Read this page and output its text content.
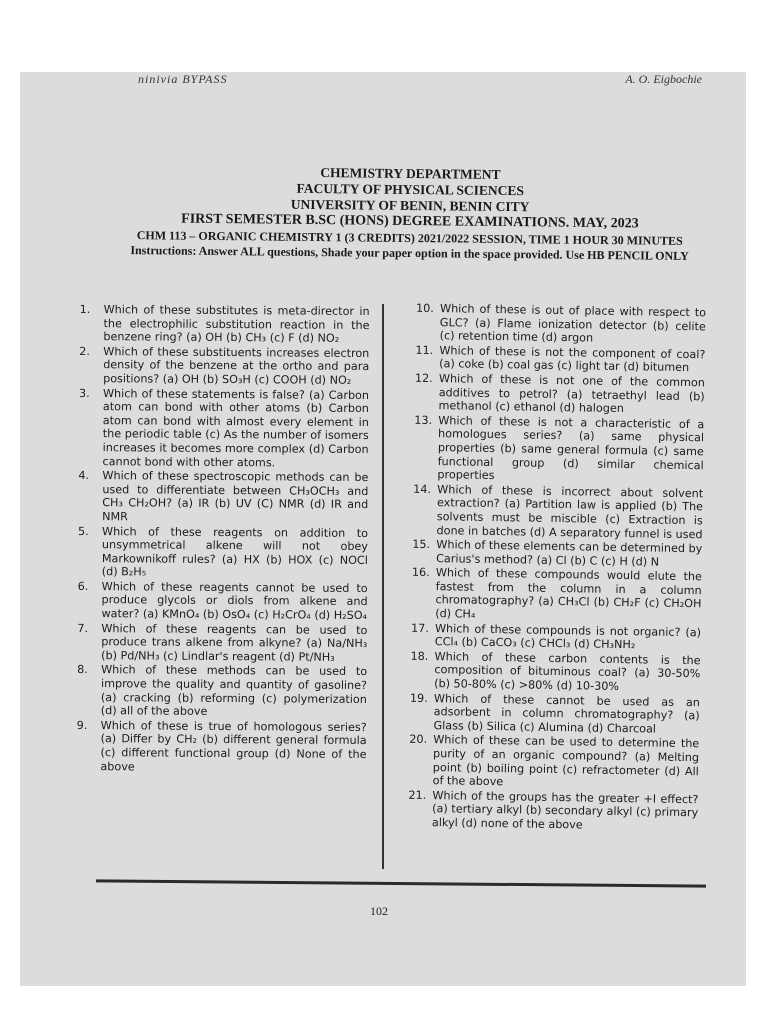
ninivia BYPASS	A. O. Eigbochie
CHEMISTRY DEPARTMENT
FACULTY OF PHYSICAL SCIENCES
UNIVERSITY OF BENIN, BENIN CITY
FIRST SEMESTER B.SC (HONS) DEGREE EXAMINATIONS. MAY, 2023
CHM 113 – ORGANIC CHEMISTRY 1 (3 CREDITS) 2021/2022 SESSION, TIME 1 HOUR 30 MINUTES
Instructions: Answer ALL questions, Shade your paper option in the space provided. Use HB PENCIL ONLY
1.	Which of these substitutes is meta-director in the electrophilic substitution reaction in the benzene ring? (a) OH (b) CH₃ (c) F (d) NO₂
2.	Which of these substituents increases electron density of the benzene at the ortho and para positions? (a) OH (b) SO₃H (c) COOH (d) NO₂
3.	Which of these statements is false? (a) Carbon atom can bond with other atoms (b) Carbon atom can bond with almost every element in the periodic table (c) As the number of isomers increases it becomes more complex (d) Carbon cannot bond with other atoms.
4.	Which of these spectroscopic methods can be used to differentiate between CH₃OCH₃ and CH₃ CH₂OH? (a) IR (b) UV (C) NMR (d) IR and NMR
5.	Which of these reagents on addition to unsymmetrical alkene will not obey Markownikoff rules? (a) HX (b) HOX (c) NOCl (d) B₂H₅
6.	Which of these reagents cannot be used to produce glycols or diols from alkene and water? (a) KMnO₄ (b) OsO₄ (c) H₂CrO₄ (d) H₂SO₄
7.	Which of these reagents can be used to produce trans alkene from alkyne? (a) Na/NH₃ (b) Pd/NH₃ (c) Lindlar's reagent (d) Pt/NH₃
8.	Which of these methods can be used to improve the quality and quantity of gasoline? (a) cracking (b) reforming (c) polymerization (d) all of the above
9.	Which of these is true of homologous series? (a) Differ by CH₂ (b) different general formula (c) different functional group (d) None of the above
10. Which of these is out of place with respect to GLC? (a) Flame ionization detector (b) celite (c) retention time (d) argon
11. Which of these is not the component of coal? (a) coke (b) coal gas (c) light tar (d) bitumen
12. Which of these is not one of the common additives to petrol? (a) tetraethyl lead (b) methanol (c) ethanol (d) halogen
13. Which of these is not a characteristic of a homologues series? (a) same physical properties (b) same general formula (c) same functional group (d) similar chemical properties
14. Which of these is incorrect about solvent extraction? (a) Partition law is applied (b) The solvents must be miscible (c) Extraction is done in batches (d) A separatory funnel is used
15. Which of these elements can be determined by Carius's method? (a) Cl (b) C (c) H (d) N
16. Which of these compounds would elute the fastest from the column in a column chromatography? (a) CH₃Cl (b) CH₂F (c) CH₂OH (d) CH₄
17. Which of these compounds is not organic? (a) CCl₄ (b) CaCO₃ (c) CHCl₃ (d) CH₃NH₂
18. Which of these carbon contents is the composition of bituminous coal? (a) 30-50% (b) 50-80% (c) >80% (d) 10-30%
19. Which of these cannot be used as an adsorbent in column chromatography? (a) Glass (b) Silica (c) Alumina (d) Charcoal
20. Which of these can be used to determine the purity of an organic compound? (a) Melting point (b) boiling point (c) refractometer (d) All of the above
21. Which of the groups has the greater +I effect? (a) tertiary alkyl (b) secondary alkyl (c) primary alkyl (d) none of the above
102
